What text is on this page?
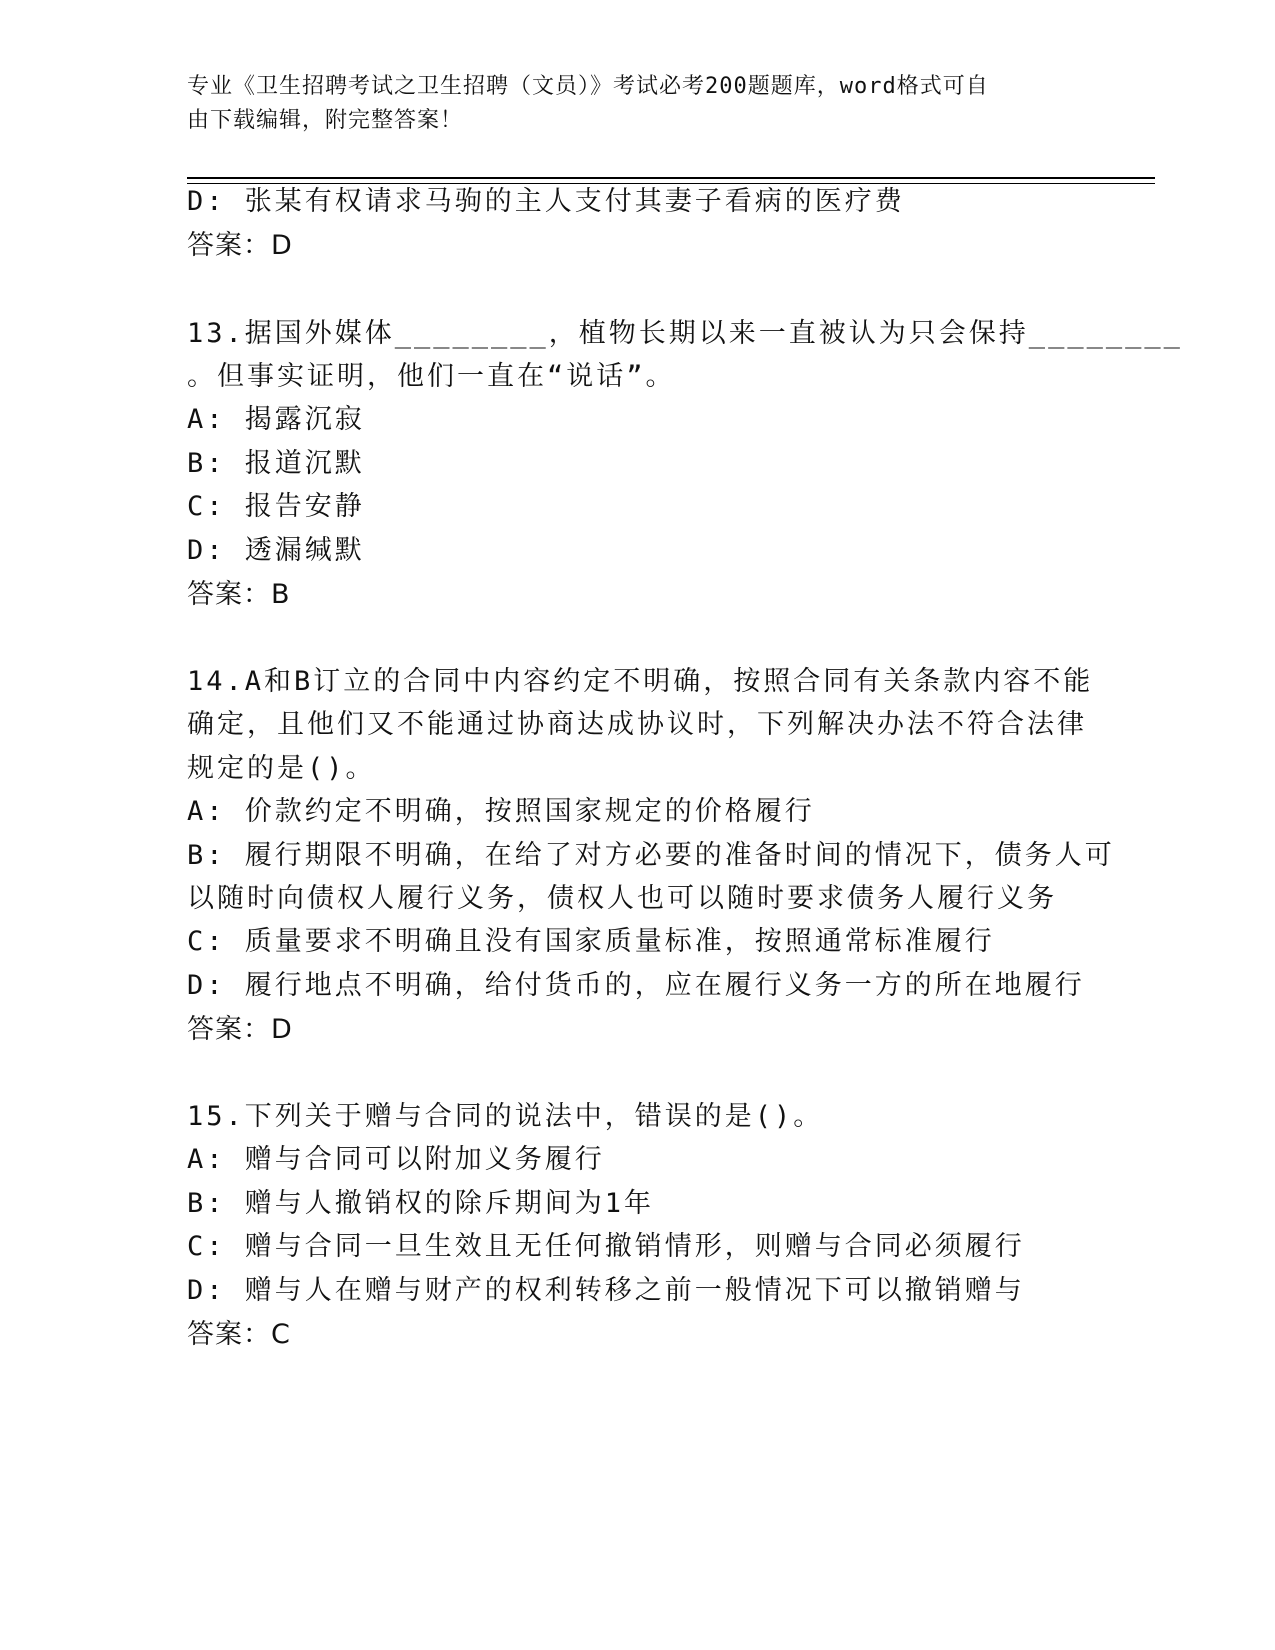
专业《卫生招聘考试之卫生招聘（文员）》考试必考200题题库，word格式可自
由下载编辑，附完整答案！
D: 张某有权请求马驹的主人支付其妻子看病的医疗费
答案：D
13.据国外媒体________，植物长期以来一直被认为只会保持________
。但事实证明，他们一直在“说话”。
A: 揭露沉寂
B: 报道沉默
C: 报告安静
D: 透漏缄默
答案：B
14.A和B订立的合同中内容约定不明确，按照合同有关条款内容不能
确定，且他们又不能通过协商达成协议时，下列解决办法不符合法律
规定的是()。
A: 价款约定不明确，按照国家规定的价格履行
B: 履行期限不明确，在给了对方必要的准备时间的情况下，债务人可
以随时向债权人履行义务，债权人也可以随时要求债务人履行义务
C: 质量要求不明确且没有国家质量标准，按照通常标准履行
D: 履行地点不明确，给付货币的，应在履行义务一方的所在地履行
答案：D
15.下列关于赠与合同的说法中，错误的是()。
A: 赠与合同可以附加义务履行
B: 赠与人撤销权的除斥期间为1年
C: 赠与合同一旦生效且无任何撤销情形，则赠与合同必须履行
D: 赠与人在赠与财产的权利转移之前一般情况下可以撤销赠与
答案：C
